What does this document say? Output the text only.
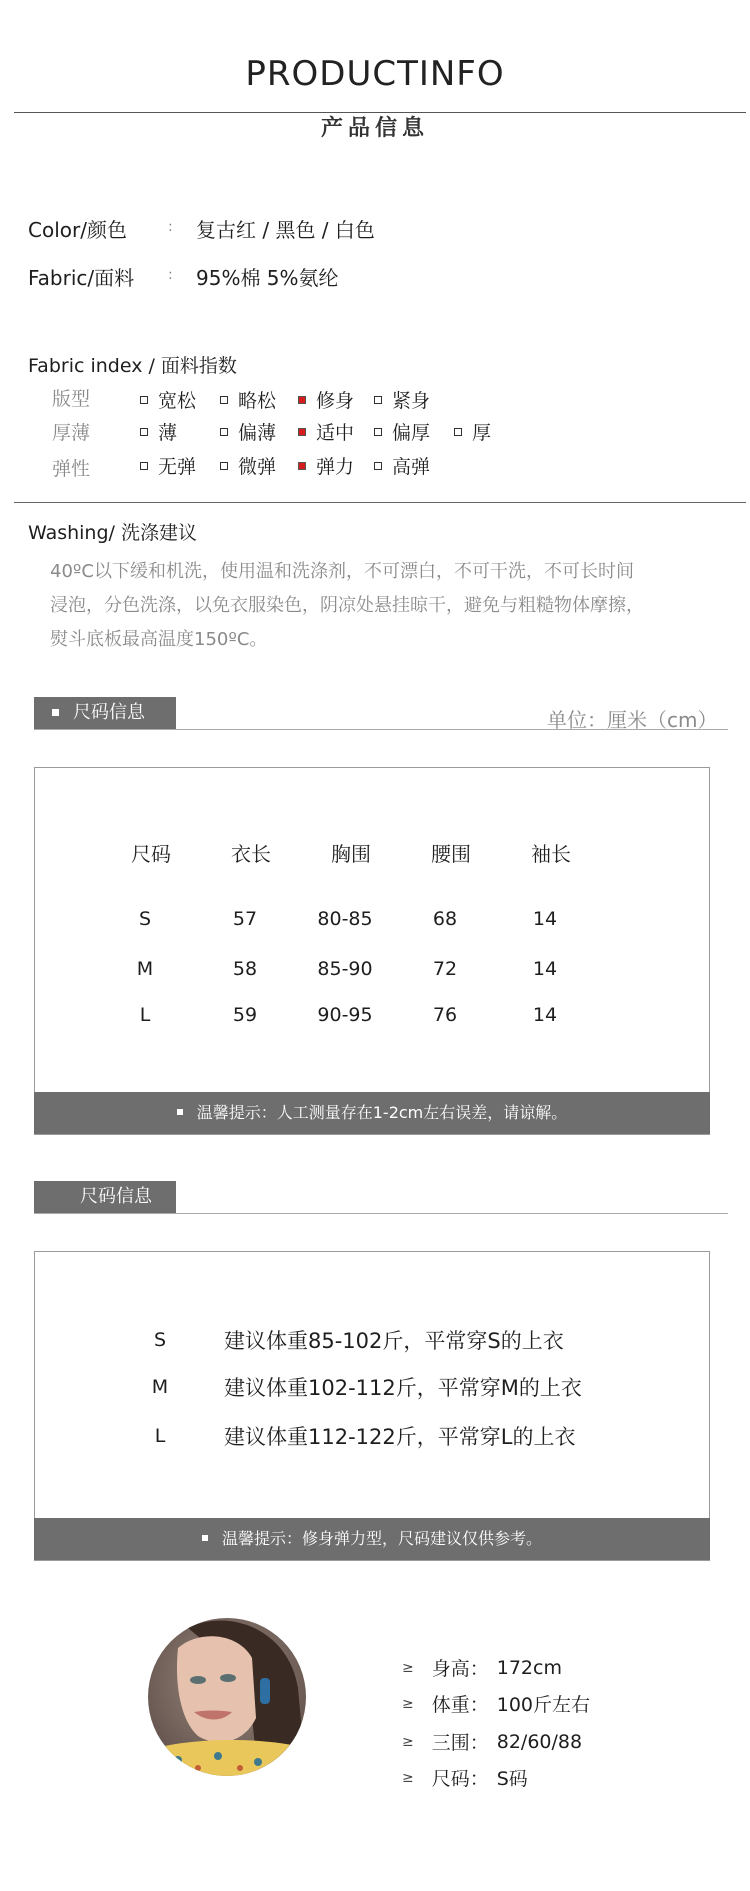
PRODUCTINFO
产品信息
Color/颜色	: 复古红 / 黑色 / 白色
Fabric/面料 : 95%棉 5%氨纶
Fabric index / 面料指数
版型	宽松 略松 修身 紧身
厚薄	薄	偏薄 适中 偏厚 厚
弹性	无弹 微弹 弹力 高弹
Washing/ 洗涤建议
40ºC以下缓和机洗，使用温和洗涤剂，不可漂白，不可干洗，不可长时间
浸泡，分色洗涤，以免衣服染色，阴凉处悬挂晾干，避免与粗糙物体摩擦，
熨斗底板最高温度150ºC。
尺码信息	单位：厘米（cm）
尺码	衣长	胸围	腰围	袖长
S	57	80-85	68	14
M	58	85-90	72	14
L	59	90-95	76	14
温馨提示：人工测量存在1-2cm左右误差，请谅解。
尺码信息
S	建议体重85-102斤，平常穿S的上衣
M	建议体重102-112斤，平常穿M的上衣
L	建议体重112-122斤，平常穿L的上衣
温馨提示：修身弹力型，尺码建议仅供参考。
≥ 身高： 172cm
≥ 体重： 100斤左右
≥ 三围： 82/60/88
≥ 尺码： S码
